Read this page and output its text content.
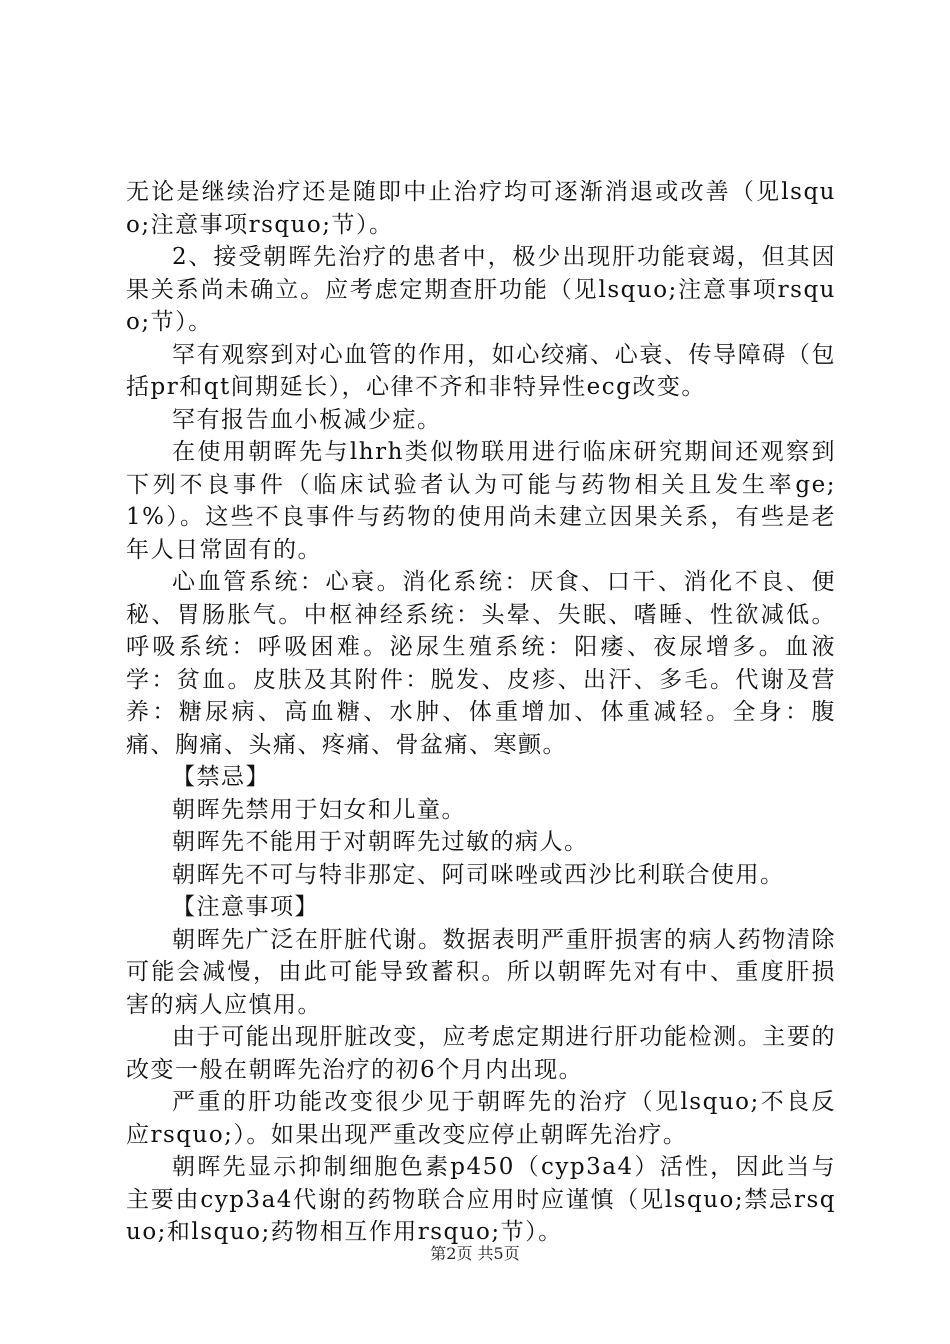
无论是继续治疗还是随即中止治疗均可逐渐消退或改善（见lsquo;注意事项rsquo;节）。

2、接受朝晖先治疗的患者中，极少出现肝功能衰竭，但其因果关系尚未确立。应考虑定期查肝功能（见lsquo;注意事项rsquo;节）。

罕有观察到对心血管的作用，如心绞痛、心衰、传导障碍（包括pr和qt间期延长），心律不齐和非特异性ecg改变。

罕有报告血小板减少症。

在使用朝晖先与lhrh类似物联用进行临床研究期间还观察到下列不良事件（临床试验者认为可能与药物相关且发生率ge;1%）。这些不良事件与药物的使用尚未建立因果关系，有些是老年人日常固有的。

心血管系统：心衰。消化系统：厌食、口干、消化不良、便秘、胃肠胀气。中枢神经系统：头晕、失眠、嗜睡、性欲减低。呼吸系统：呼吸困难。泌尿生殖系统：阳痿、夜尿增多。血液学：贫血。皮肤及其附件：脱发、皮疹、出汗、多毛。代谢及营养：糖尿病、高血糖、水肿、体重增加、体重减轻。全身：腹痛、胸痛、头痛、疼痛、骨盆痛、寒颤。

【禁忌】

朝晖先禁用于妇女和儿童。

朝晖先不能用于对朝晖先过敏的病人。

朝晖先不可与特非那定、阿司咪唑或西沙比利联合使用。

【注意事项】

朝晖先广泛在肝脏代谢。数据表明严重肝损害的病人药物清除可能会减慢，由此可能导致蓄积。所以朝晖先对有中、重度肝损害的病人应慎用。

由于可能出现肝脏改变，应考虑定期进行肝功能检测。主要的改变一般在朝晖先治疗的初6个月内出现。

严重的肝功能改变很少见于朝晖先的治疗（见lsquo;不良反应rsquo;）。如果出现严重改变应停止朝晖先治疗。

朝晖先显示抑制细胞色素p450（cyp3a4）活性，因此当与主要由cyp3a4代谢的药物联合应用时应谨慎（见lsquo;禁忌rsquo;和lsquo;药物相互作用rsquo;节）。

第2页 共5页
